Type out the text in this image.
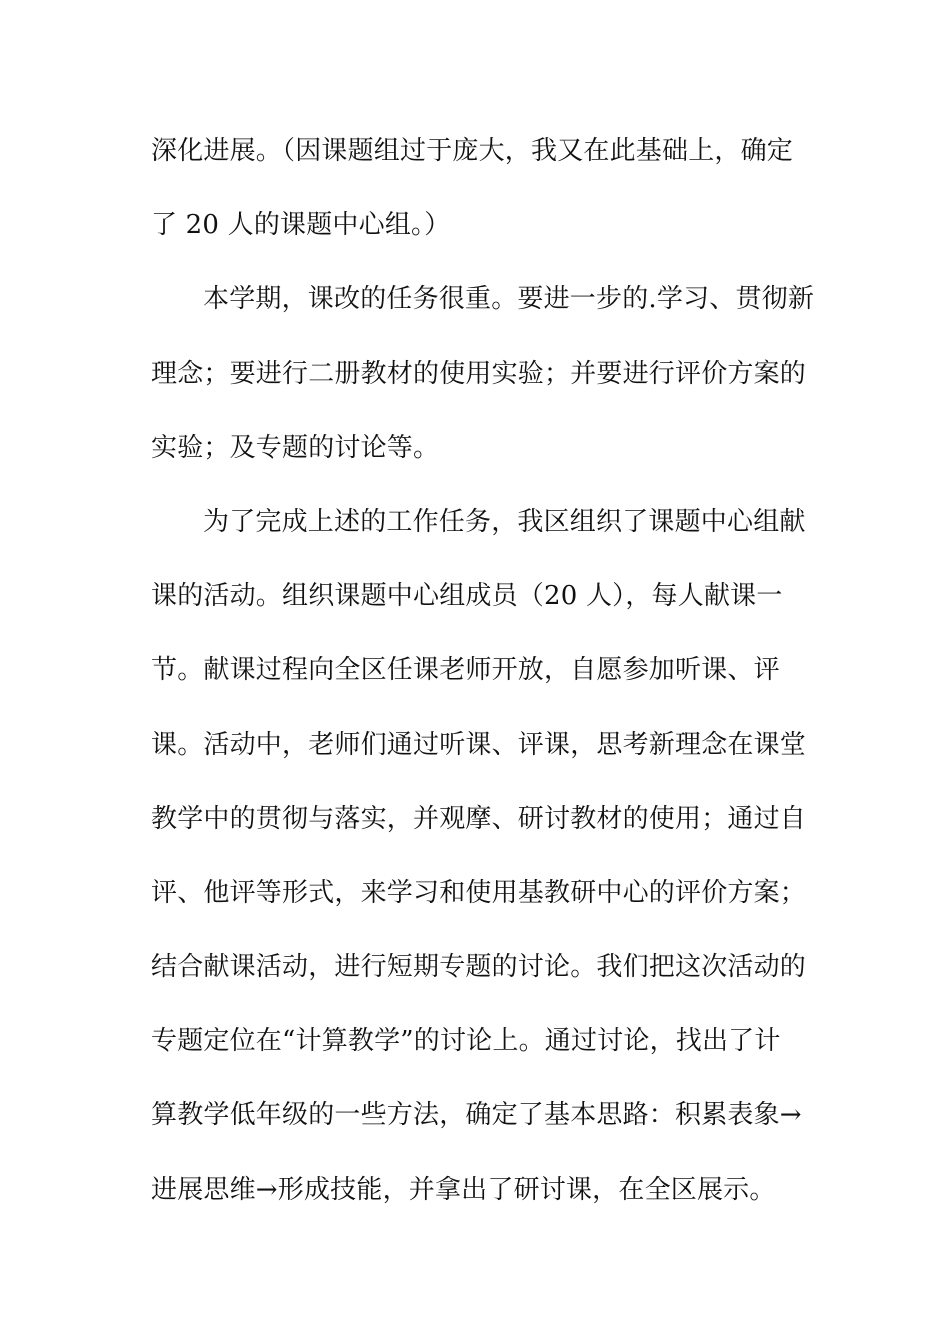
深化进展。（因课题组过于庞大，我又在此基础上，确定
了 20 人的课题中心组。）
本学期，课改的任务很重。要进一步的.学习、贯彻新
理念；要进行二册教材的使用实验；并要进行评价方案的
实验；及专题的讨论等。
为了完成上述的工作任务，我区组织了课题中心组献
课的活动。组织课题中心组成员（20 人），每人献课一
节。献课过程向全区任课老师开放，自愿参加听课、评
课。活动中，老师们通过听课、评课，思考新理念在课堂
教学中的贯彻与落实，并观摩、研讨教材的使用；通过自
评、他评等形式，来学习和使用基教研中心的评价方案；
结合献课活动，进行短期专题的讨论。我们把这次活动的
专题定位在“计算教学”的讨论上。通过讨论，找出了计
算教学低年级的一些方法，确定了基本思路：积累表象→
进展思维→形成技能，并拿出了研讨课，在全区展示。
